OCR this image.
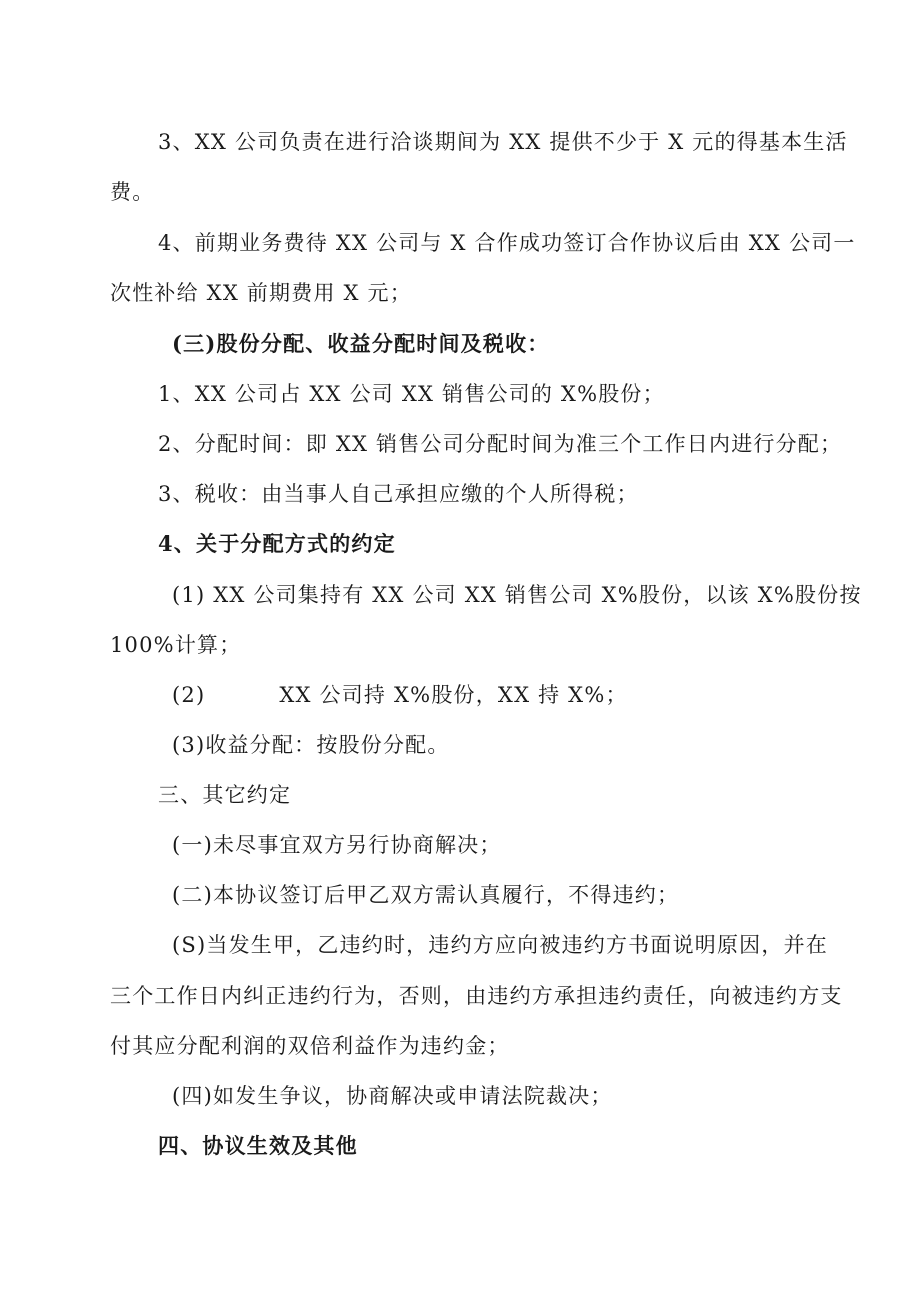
3、XX 公司负责在进行洽谈期间为 XX 提供不少于 X 元的得基本生活
费。
4、前期业务费待 XX 公司与 X 合作成功签订合作协议后由 XX 公司一
次性补给 XX 前期费用 X 元；
(三)股份分配、收益分配时间及税收：
1、XX 公司占 XX 公司 XX 销售公司的 X%股份；
2、分配时间：即 XX 销售公司分配时间为准三个工作日内进行分配；
3、税收：由当事人自己承担应缴的个人所得税；
4、关于分配方式的约定
(1) XX 公司集持有 XX 公司 XX 销售公司 X%股份，以该 X%股份按
100%计算；
(2)	XX 公司持 X%股份，XX 持 X%；
(3)收益分配：按股份分配。
三、其它约定
(一)未尽事宜双方另行协商解决；
(二)本协议签订后甲乙双方需认真履行，不得违约；
(S)当发生甲，乙违约时，违约方应向被违约方书面说明原因，并在
三个工作日内纠正违约行为，否则，由违约方承担违约责任，向被违约方支
付其应分配利润的双倍利益作为违约金；
(四)如发生争议，协商解决或申请法院裁决；
四、协议生效及其他
